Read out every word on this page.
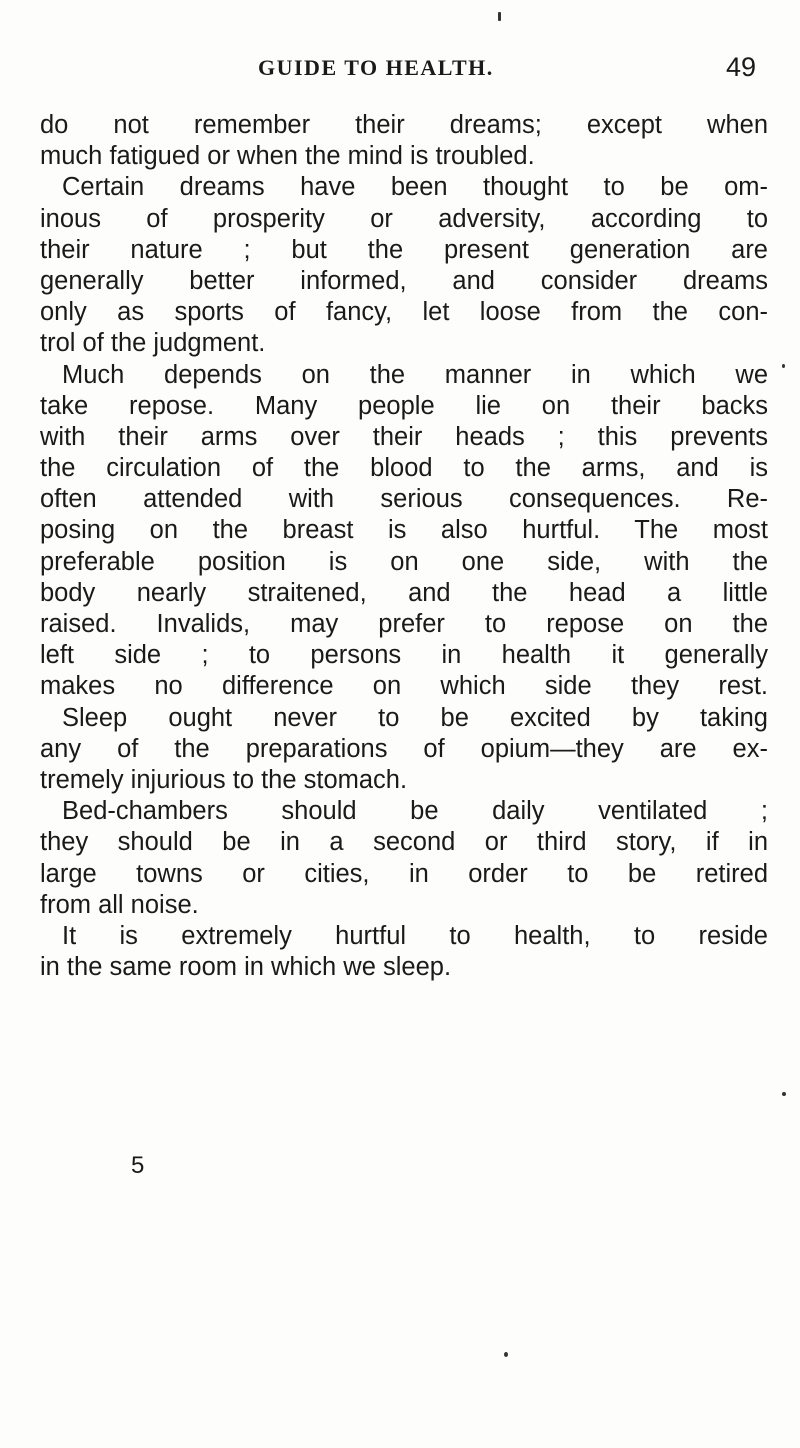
GUIDE TO HEALTH.	49
do not remember their dreams; except when
much fatigued or when the mind is troubled.
Certain dreams have been thought to be om-
inous of prosperity or adversity, according to
their nature ; but the present generation are
generally better informed, and consider dreams
only as sports of fancy, let loose from the con-
trol of the judgment.
Much depends on the manner in which we
take repose. Many people lie on their backs
with their arms over their heads ; this prevents
the circulation of the blood to the arms, and is
often attended with serious consequences. Re-
posing on the breast is also hurtful. The most
preferable position is on one side, with the
body nearly straitened, and the head a little
raised. Invalids, may prefer to repose on the
left side ; to persons in health it generally
makes no difference on which side they rest.
Sleep ought never to be excited by taking
any of the preparations of opium—they are ex-
tremely injurious to the stomach.
Bed-chambers should be daily ventilated ;
they should be in a second or third story, if in
large towns or cities, in order to be retired
from all noise.
It is extremely hurtful to health, to reside
in the same room in which we sleep.
5
